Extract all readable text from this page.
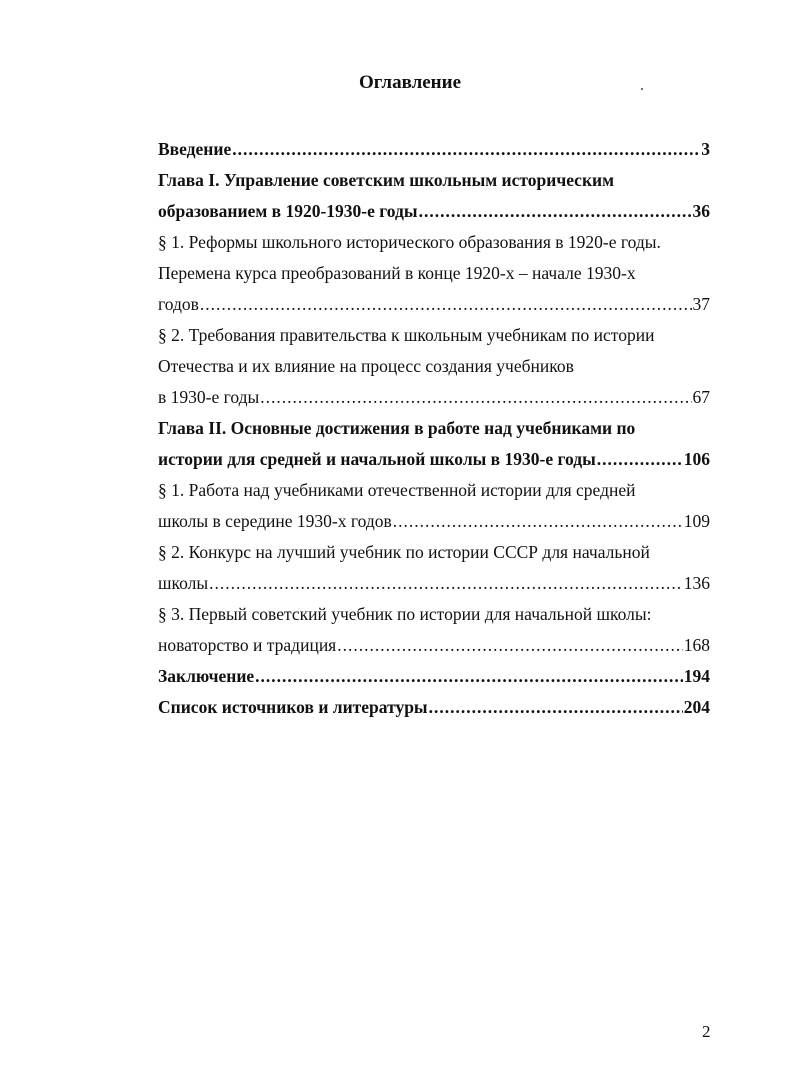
Оглавление
Введение .....	3
Глава I. Управление советским школьным историческим
образованием в 1920-1930-е годы .....	36
§ 1. Реформы школьного исторического образования в 1920-е годы.
Перемена курса преобразований в конце 1920-х – начале 1930-х
годов .....	37
§ 2. Требования правительства к школьным учебникам по истории
Отечества и их влияние на процесс создания учебников
в 1930-е годы .....	67
Глава II. Основные достижения в работе над учебниками по
истории для средней и начальной школы в 1930-е годы .....	106
§ 1. Работа над учебниками отечественной истории для средней
школы в середине 1930-х годов .....	109
§ 2. Конкурс на лучший учебник по истории СССР для начальной
школы .....	136
§ 3. Первый советский учебник по истории для начальной школы:
новаторство и традиция .....	168
Заключение .....	194
Список источников и литературы .....	204
2
